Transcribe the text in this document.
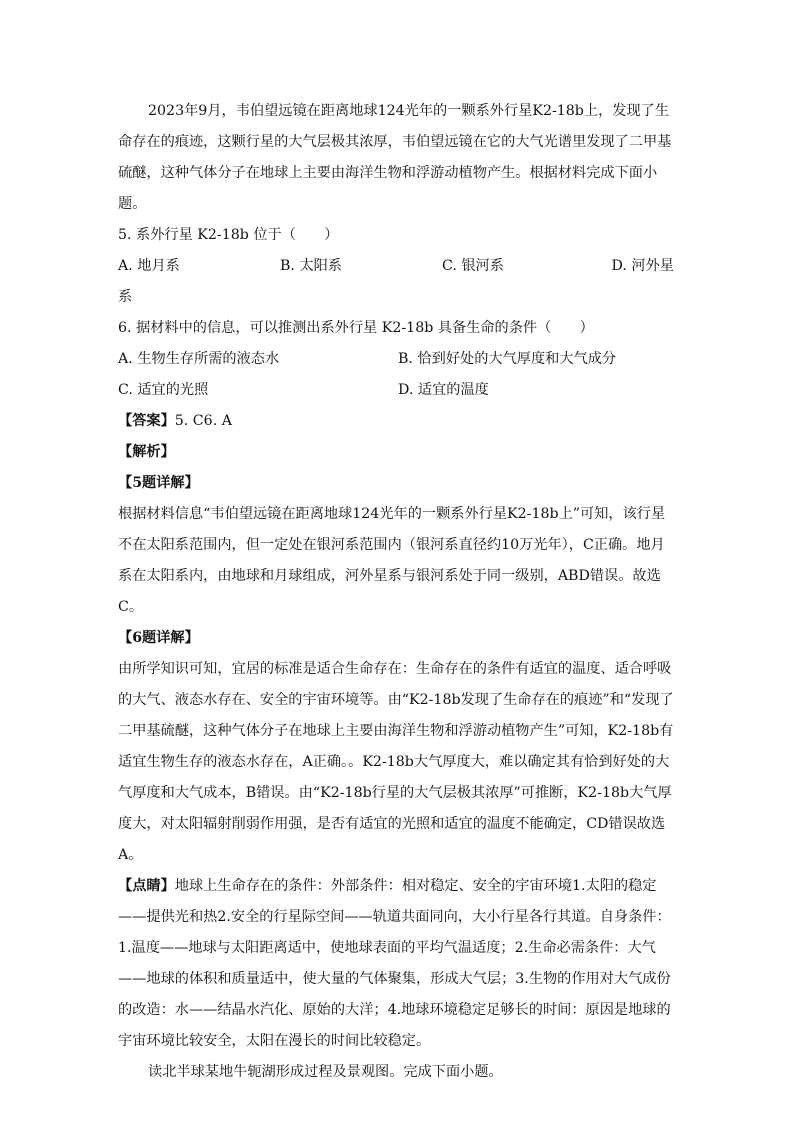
2023年9月，韦伯望远镜在距离地球124光年的一颗系外行星K2-18b上，发现了生命存在的痕迹，这颗行星的大气层极其浓厚，韦伯望远镜在它的大气光谱里发现了二甲基硫醚，这种气体分子在地球上主要由海洋生物和浮游动植物产生。根据材料完成下面小题。

5. 系外行星 K2-18b 位于（　　）

A. 地月系	B. 太阳系	C. 银河系	D. 河外星

系

6. 据材料中的信息，可以推测出系外行星 K2-18b 具备生命的条件（　　）

A. 生物生存所需的液态水	B. 恰到好处的大气厚度和大气成分
C. 适宜的光照	D. 适宜的温度

【答案】5. C6. A

【解析】

【5题详解】

根据材料信息“韦伯望远镜在距离地球124光年的一颗系外行星K2-18b上”可知，该行星不在太阳系范围内，但一定处在银河系范围内（银河系直径约10万光年），C正确。地月系在太阳系内，由地球和月球组成，河外星系与银河系处于同一级别，ABD错误。故选C。

【6题详解】

由所学知识可知，宜居的标准是适合生命存在：生命存在的条件有适宜的温度、适合呼吸的大气、液态水存在、安全的宇宙环境等。由“K2-18b发现了生命存在的痕迹”和“发现了二甲基硫醚，这种气体分子在地球上主要由海洋生物和浮游动植物产生”可知，K2-18b有适宜生物生存的液态水存在，A正确。。K2-18b大气厚度大，难以确定其有恰到好处的大气厚度和大气成本，B错误。由“K2-18b行星的大气层极其浓厚”可推断，K2-18b大气厚度大，对太阳辐射削弱作用强，是否有适宜的光照和适宜的温度不能确定，CD错误故选A。

【点睛】地球上生命存在的条件：外部条件：相对稳定、安全的宇宙环境1.太阳的稳定——提供光和热2.安全的行星际空间——轨道共面同向，大小行星各行其道。自身条件：1.温度——地球与太阳距离适中，使地球表面的平均气温适度；2.生命必需条件：大气——地球的体积和质量适中，使大量的气体聚集，形成大气层；3.生物的作用对大气成份的改造：水——结晶水汽化、原始的大洋；4.地球环境稳定足够长的时间：原因是地球的宇宙环境比较安全，太阳在漫长的时间比较稳定。

读北半球某地牛轭湖形成过程及景观图。完成下面小题。
